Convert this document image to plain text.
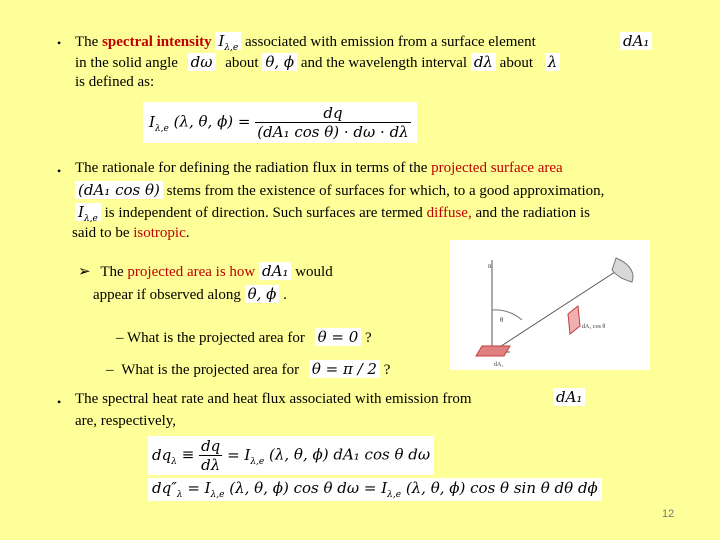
• The spectral intensity $I_{\lambda,e}$ associated with emission from a surface element	dA₁
in the solid angle dω about θ, ϕ and the wavelength interval dλ about λ
is defined as:
$I_{\lambda,e}$ (λ, θ, $\phi) = \frac{dq}{\text{(dA₁ cos θ) · dω · dλ}}$
• The rationale for defining the radiation flux in terms of the projected surface area
(dA₁ cos θ) stems from the existence of surfaces for which, to a good approximation,
$I_{\lambda,e}$ is independent of direction. Such surfaces are termed diffuse, and the radiation is
said to be isotropic.
➢ The projected area is how dA₁ would
appear if observed along θ, ϕ .
– What is the projected area for θ = 0 ?
– What is the projected area for θ = π / 2 ?
n
θ
dA₁ cos θ
dA₁
• The spectral heat rate and heat flux associated with emission from	dA₁
are, respectively,
$dq_\lambda \equiv \frac{dq}{d\lambda} = I_{\lambda,e}$ (λ, θ, ϕ) dA₁ cos θ dω
$dq''_\lambda = I_{\lambda,e}$ (λ, θ, ϕ) cos θ $d\omega = I_{\lambda,e}$ (λ, θ, ϕ) cos θ sin θ dθ dϕ
12
